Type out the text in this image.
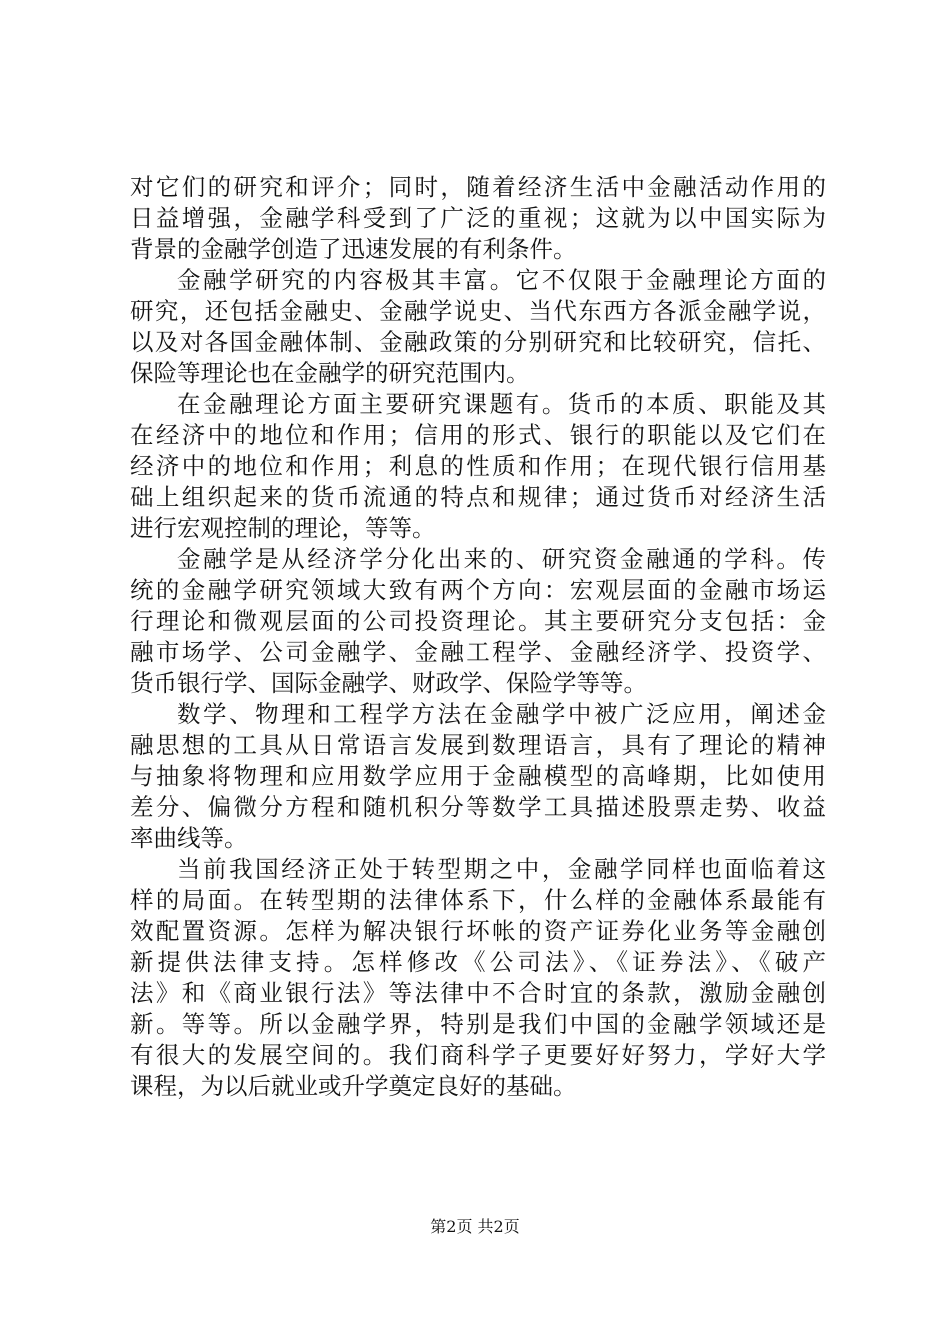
对它们的研究和评介；同时，随着经济生活中金融活动作用的
日益增强，金融学科受到了广泛的重视；这就为以中国实际为
背景的金融学创造了迅速发展的有利条件。
金融学研究的内容极其丰富。它不仅限于金融理论方面的
研究，还包括金融史、金融学说史、当代东西方各派金融学说，
以及对各国金融体制、金融政策的分别研究和比较研究，信托、
保险等理论也在金融学的研究范围内。
在金融理论方面主要研究课题有。货币的本质、职能及其
在经济中的地位和作用；信用的形式、银行的职能以及它们在
经济中的地位和作用；利息的性质和作用；在现代银行信用基
础上组织起来的货币流通的特点和规律；通过货币对经济生活
进行宏观控制的理论，等等。
金融学是从经济学分化出来的、研究资金融通的学科。传
统的金融学研究领域大致有两个方向：宏观层面的金融市场运
行理论和微观层面的公司投资理论。其主要研究分支包括：金
融市场学、公司金融学、金融工程学、金融经济学、投资学、
货币银行学、国际金融学、财政学、保险学等等。
数学、物理和工程学方法在金融学中被广泛应用，阐述金
融思想的工具从日常语言发展到数理语言，具有了理论的精神
与抽象将物理和应用数学应用于金融模型的高峰期，比如使用
差分、偏微分方程和随机积分等数学工具描述股票走势、收益
率曲线等。
当前我国经济正处于转型期之中，金融学同样也面临着这
样的局面。在转型期的法律体系下，什么样的金融体系最能有
效配置资源。怎样为解决银行坏帐的资产证券化业务等金融创
新提供法律支持。怎样修改《公司法》、《证券法》、《破产
法》和《商业银行法》等法律中不合时宜的条款，激励金融创
新。等等。所以金融学界，特别是我们中国的金融学领域还是
有很大的发展空间的。我们商科学子更要好好努力，学好大学
课程，为以后就业或升学奠定良好的基础。
第2页 共2页
